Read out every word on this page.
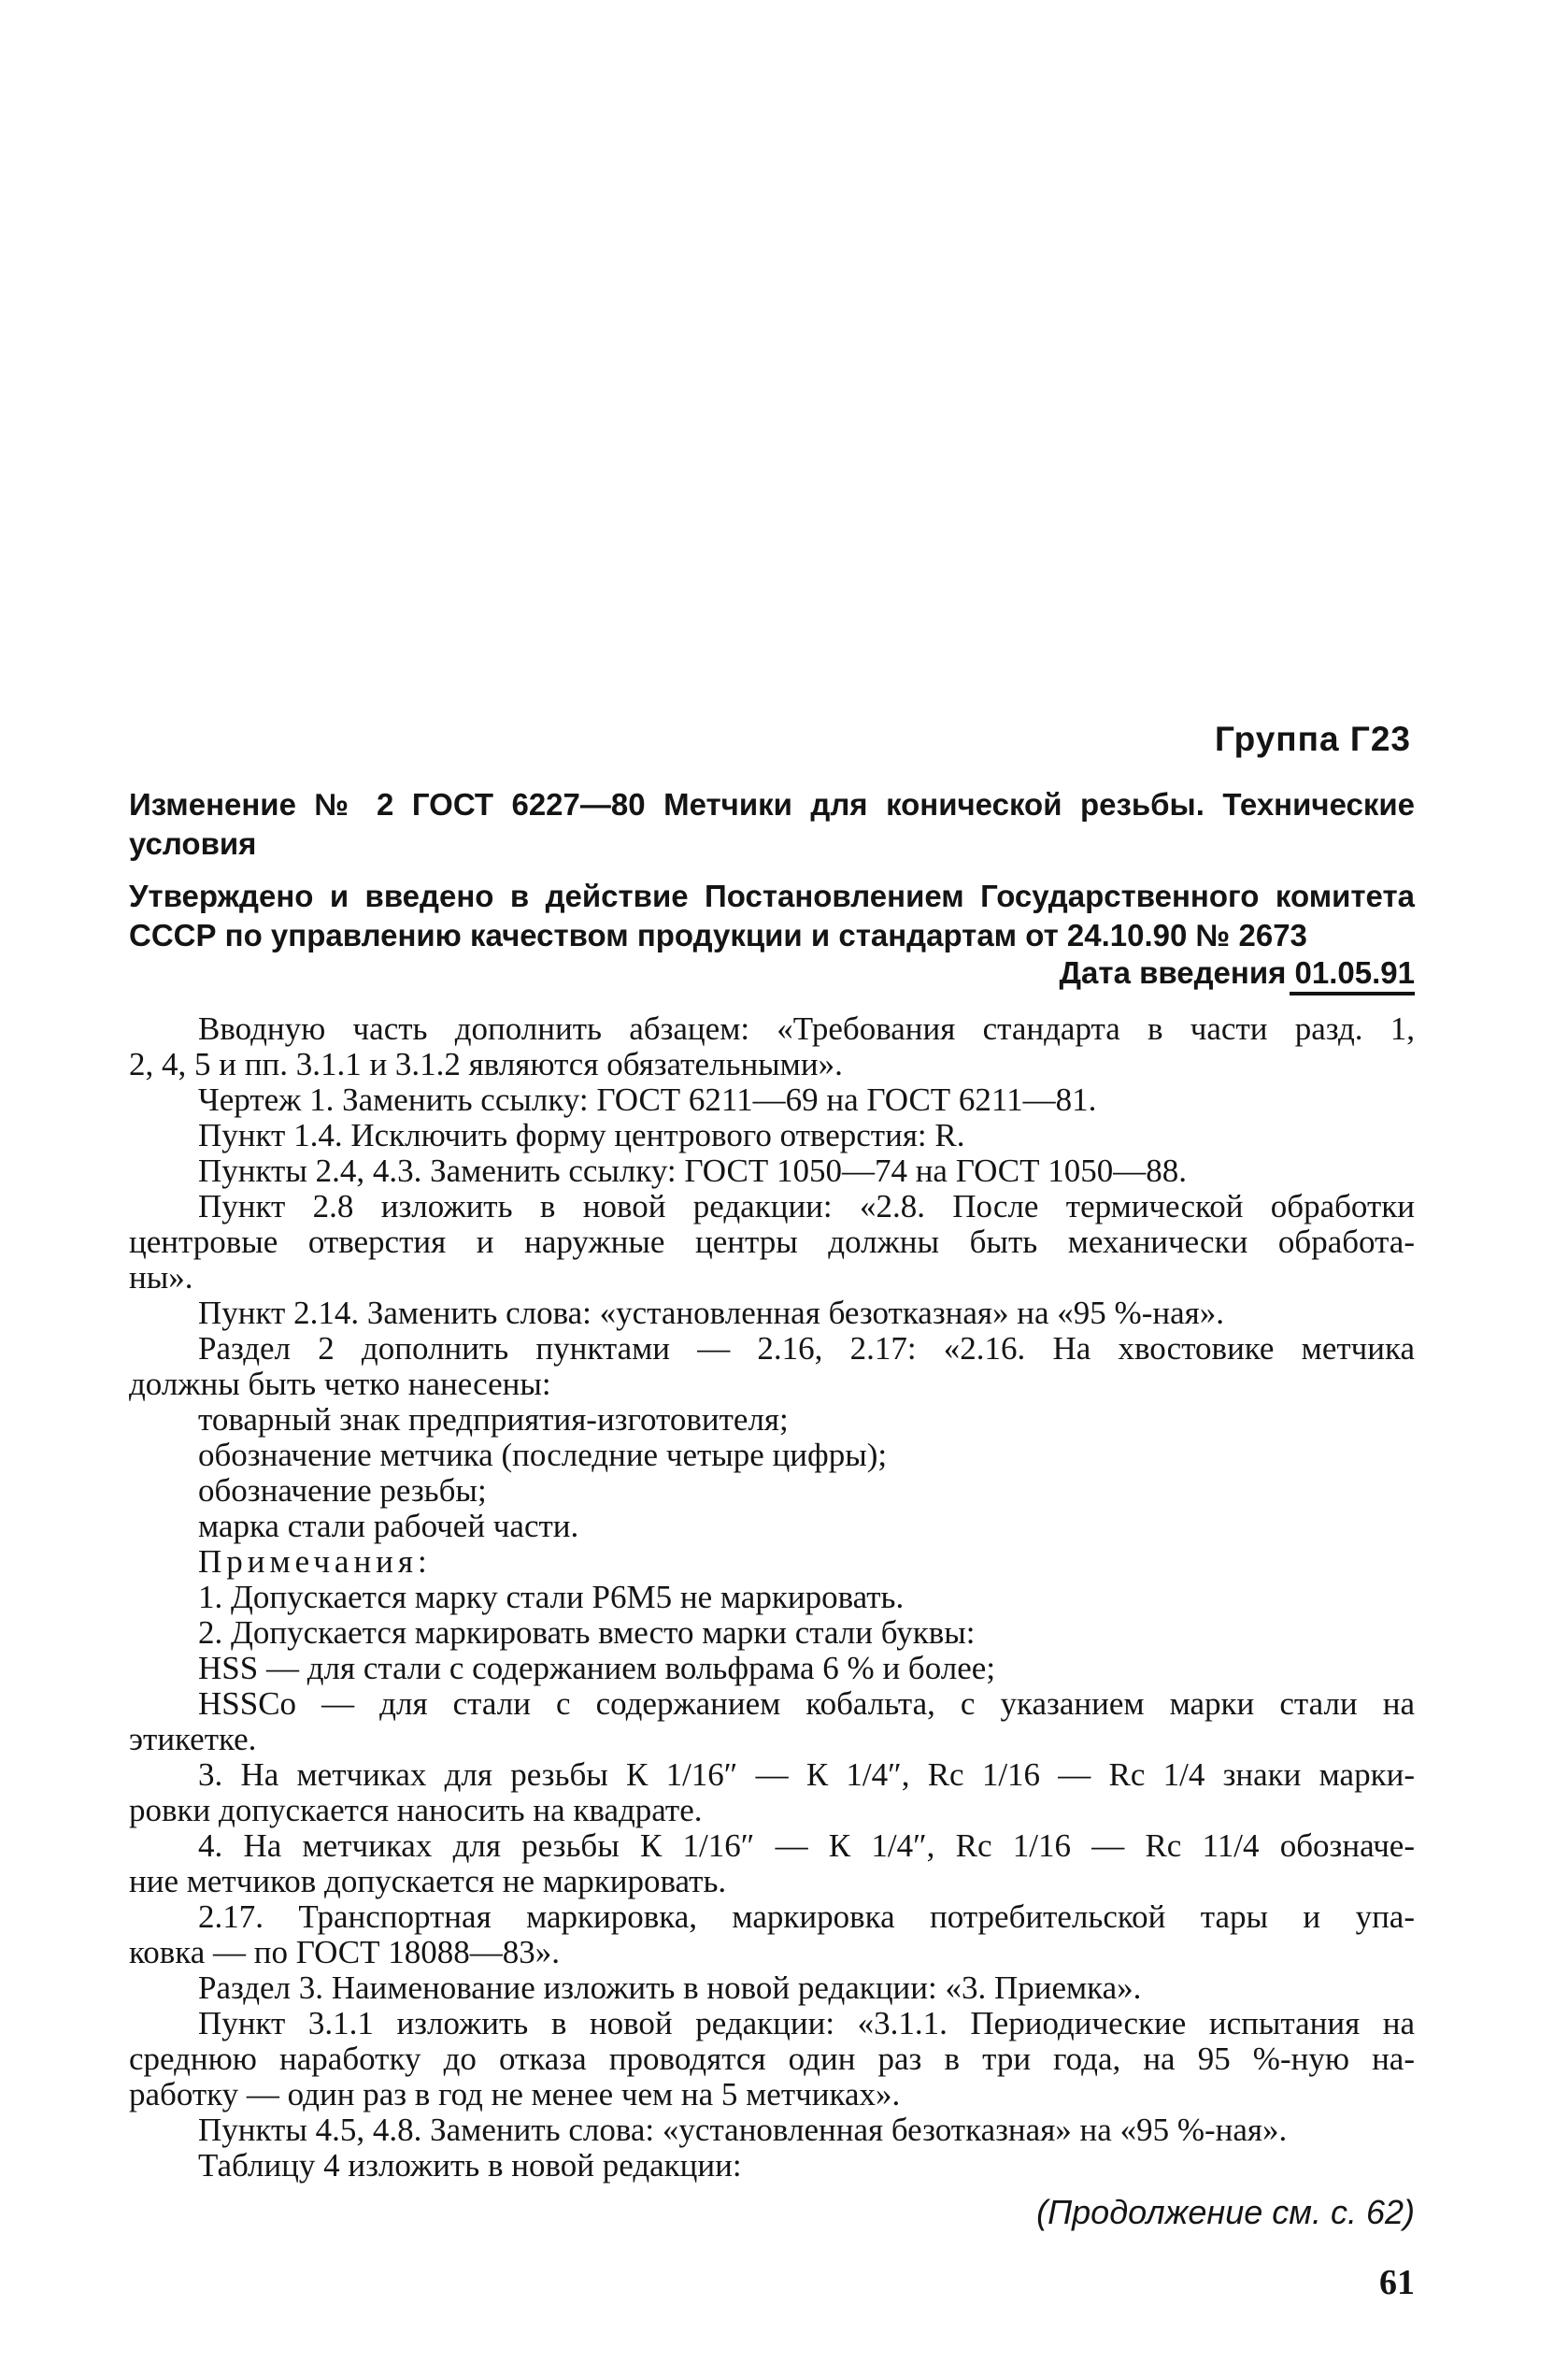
Группа Г23
Изменение № 2 ГОСТ 6227—80 Метчики для конической резьбы. Технические
условия
Утверждено и введено в действие Постановлением Государственного комитета
СССР по управлению качеством продукции и стандартам от 24.10.90 № 2673
Дата введения 01.05.91
Вводную часть дополнить абзацем: «Требования стандарта в части разд. 1,
2, 4, 5 и пп. 3.1.1 и 3.1.2 являются обязательными».
Чертеж 1. Заменить ссылку: ГОСТ 6211—69 на ГОСТ 6211—81.
Пункт 1.4. Исключить форму центрового отверстия: R.
Пункты 2.4, 4.3. Заменить ссылку: ГОСТ 1050—74 на ГОСТ 1050—88.
Пункт 2.8 изложить в новой редакции: «2.8. После термической обработки
центровые отверстия и наружные центры должны быть механически обработа-
ны».
Пункт 2.14. Заменить слова: «установленная безотказная» на «95 %-ная».
Раздел 2 дополнить пунктами — 2.16, 2.17: «2.16. На хвостовике метчика
должны быть четко нанесены:
товарный знак предприятия-изготовителя;
обозначение метчика (последние четыре цифры);
обозначение резьбы;
марка стали рабочей части.
Примечания:
1. Допускается марку стали Р6М5 не маркировать.
2. Допускается маркировать вместо марки стали буквы:
HSS — для стали с содержанием вольфрама 6 % и более;
HSSCo — для стали с содержанием кобальта, с указанием марки стали на
этикетке.
3. На метчиках для резьбы К 1/16″ — К 1/4″, Rc 1/16 — Rc 1/4 знаки марки-
ровки допускается наносить на квадрате.
4. На метчиках для резьбы К 1/16″ — К 1/4″, Rc 1/16 — Rc 11/4 обозначе-
ние метчиков допускается не маркировать.
2.17. Транспортная маркировка, маркировка потребительской тары и упа-
ковка — по ГОСТ 18088—83».
Раздел 3. Наименование изложить в новой редакции: «3. Приемка».
Пункт 3.1.1 изложить в новой редакции: «3.1.1. Периодические испытания на
среднюю наработку до отказа проводятся один раз в три года, на 95 %-ную на-
работку — один раз в год не менее чем на 5 метчиках».
Пункты 4.5, 4.8. Заменить слова: «установленная безотказная» на «95 %-ная».
Таблицу 4 изложить в новой редакции:
(Продолжение см. с. 62)
61
